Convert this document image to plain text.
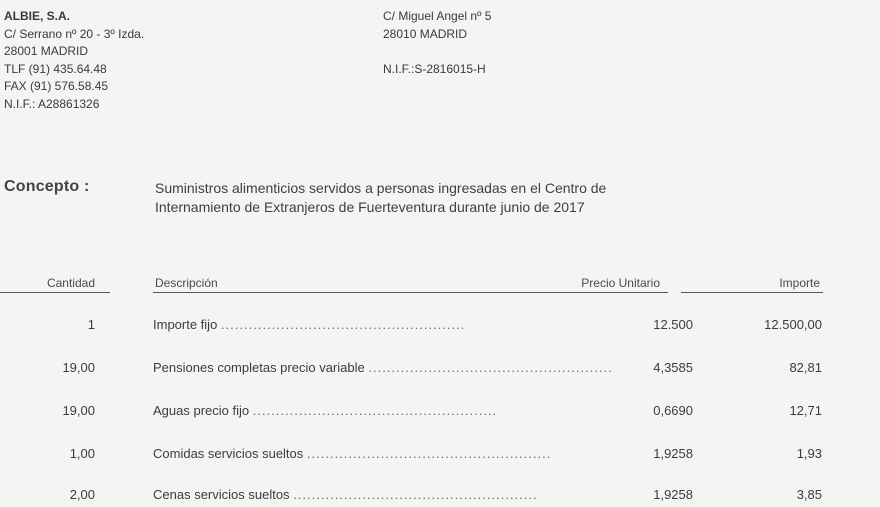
ALBIE, S.A.
C/ Serrano nº 20 - 3º Izda.
28001 MADRID
TLF (91) 435.64.48
FAX (91) 576.58.45
N.I.F.: A28861326
C/ Miguel Angel nº 5
28010 MADRID
N.I.F.:S-2816015-H
Concepto :	Suministros alimenticios servidos a personas ingresadas en el Centro de
Internamiento de Extranjeros de Fuerteventura durante junio de 2017
Cantidad	Descripción	Precio Unitario	Importe
1	Importe fijo .....................................................	12.500	12.500,00
19,00	Pensiones completas precio variable .....................................................	4,3585	82,81
19,00	Aguas precio fijo .....................................................	0,6690	12,71
1,00	Comidas servicios sueltos .....................................................	1,9258	1,93
2,00	Cenas servicios sueltos .....................................................	1,9258	3,85
